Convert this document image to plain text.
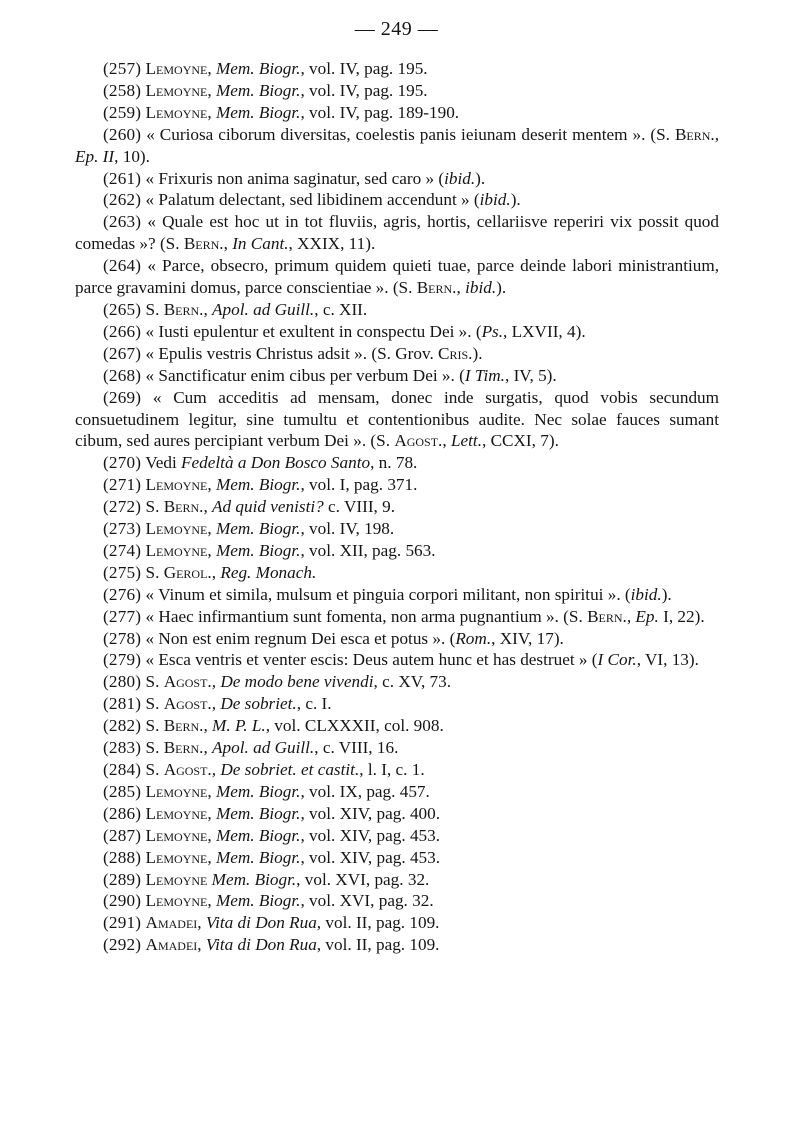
— 249 —

(257) Lemoyne, Mem. Biogr., vol. IV, pag. 195.

(258) Lemoyne, Mem. Biogr., vol. IV, pag. 195.

(259) Lemoyne, Mem. Biogr., vol. IV, pag. 189-190.

(260) « Curiosa ciborum diversitas, coelestis panis ieiunam deserit mentem ». (S. Bern., Ep. II, 10).

(261) « Frixuris non anima saginatur, sed caro » (ibid.).

(262) « Palatum delectant, sed libidinem accendunt » (ibid.).

(263) « Quale est hoc ut in tot fluviis, agris, hortis, cellariisve reperiri vix possit quod comedas »? (S. Bern., In Cant., XXIX, 11).

(264) « Parce, obsecro, primum quidem quieti tuae, parce deinde labori ministrantium, parce gravamini domus, parce conscientiae ». (S. Bern., ibid.).

(265) S. Bern., Apol. ad Guill., c. XII.

(266) « Iusti epulentur et exultent in conspectu Dei ». (Ps., LXVII, 4).

(267) « Epulis vestris Christus adsit ». (S. Grov. Cris.).

(268) « Sanctificatur enim cibus per verbum Dei ». (I Tim., IV, 5).

(269) « Cum acceditis ad mensam, donec inde surgatis, quod vobis secundum consuetudinem legitur, sine tumultu et contentionibus audite. Nec solae fauces sumant cibum, sed aures percipiant verbum Dei ». (S. Agost., Lett., CCXI, 7).

(270) Vedi Fedeltà a Don Bosco Santo, n. 78.

(271) Lemoyne, Mem. Biogr., vol. I, pag. 371.

(272) S. Bern., Ad quid venisti? c. VIII, 9.

(273) Lemoyne, Mem. Biogr., vol. IV, 198.

(274) Lemoyne, Mem. Biogr., vol. XII, pag. 563.

(275) S. Gerol., Reg. Monach.

(276) « Vinum et simila, mulsum et pinguia corpori militant, non spiritui ». (ibid.).

(277) « Haec infirmantium sunt fomenta, non arma pugnantium ». (S. Bern., Ep. I, 22).

(278) « Non est enim regnum Dei esca et potus ». (Rom., XIV, 17).

(279) « Esca ventris et venter escis: Deus autem hunc et has destruet » (I Cor., VI, 13).

(280) S. Agost., De modo bene vivendi, c. XV, 73.

(281) S. Agost., De sobriet., c. I.

(282) S. Bern., M. P. L., vol. CLXXXII, col. 908.

(283) S. Bern., Apol. ad Guill., c. VIII, 16.

(284) S. Agost., De sobriet. et castit., l. I, c. 1.

(285) Lemoyne, Mem. Biogr., vol. IX, pag. 457.

(286) Lemoyne, Mem. Biogr., vol. XIV, pag. 400.

(287) Lemoyne, Mem. Biogr., vol. XIV, pag. 453.

(288) Lemoyne, Mem. Biogr., vol. XIV, pag. 453.

(289) Lemoyne Mem. Biogr., vol. XVI, pag. 32.

(290) Lemoyne, Mem. Biogr., vol. XVI, pag. 32.

(291) Amadei, Vita di Don Rua, vol. II, pag. 109.

(292) Amadei, Vita di Don Rua, vol. II, pag. 109.
